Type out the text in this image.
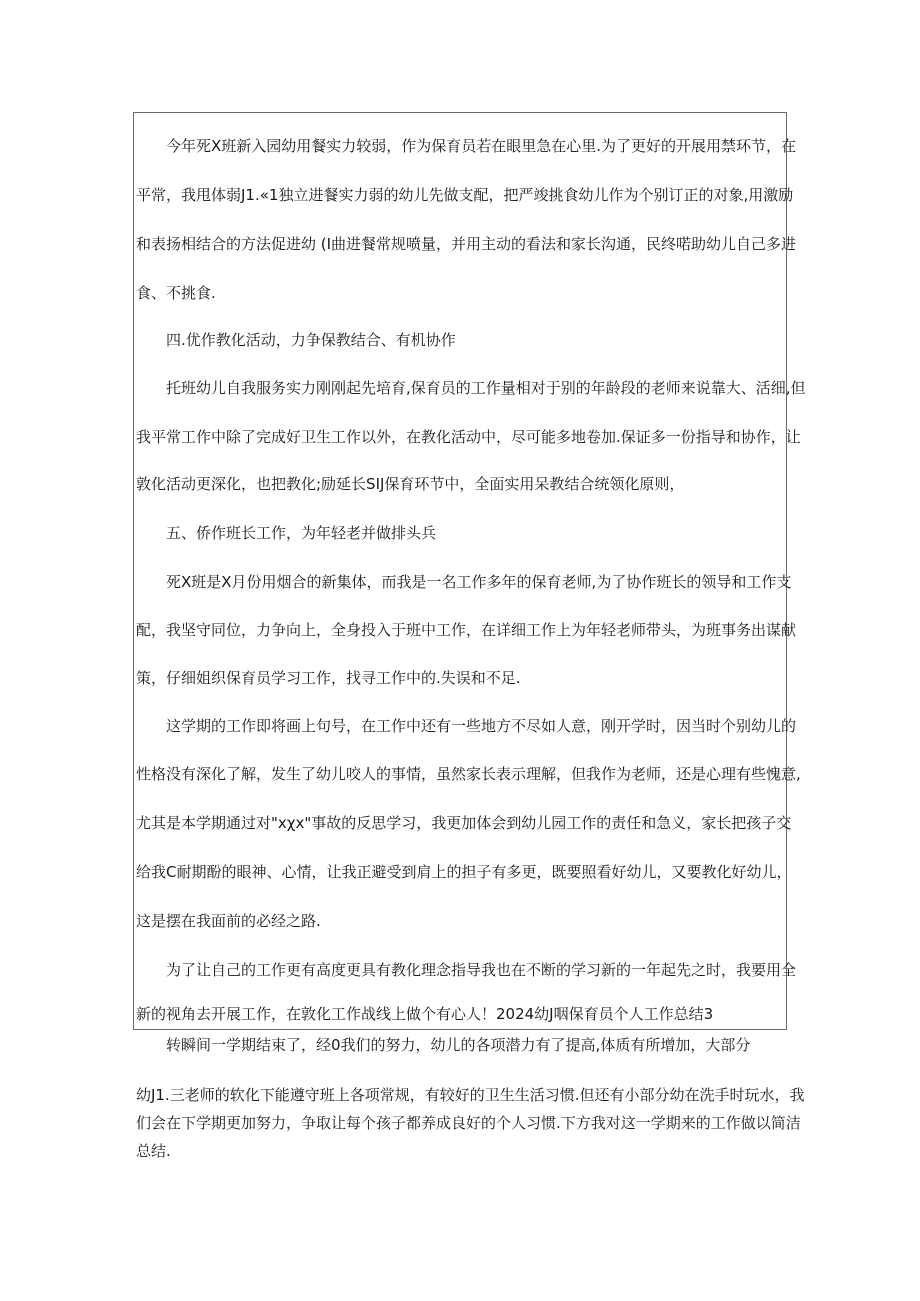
今年死X班新入园幼用餐实力较弱，作为保育员若在眼里急在心里.为了更好的开展用禁环节，在
平常，我甩体弱J1.«1独立进餐实力弱的幼儿先做支配，把严竣挑食幼儿作为个别订正的对象,用激励
和表扬相结合的方法促进幼 (I曲进餐常规喷量，并用主动的看法和家长沟通，民终喏助幼儿自己多进
食、不挑食.
四.优作教化活动，力争保教结合、有机协作
托班幼儿自我服务实力刚刚起先培育,保育员的工作量相对于别的年龄段的老师来说靠大、活细,但
我平常工作中除了完成好卫生工作以外，在教化活动中，尽可能多地卷加.保证多一份指导和协作，让
敦化活动更深化，也把教化;励延长SIJ保育环节中，全面实用呆教结合统领化原则，
五、侨作班长工作，为年轻老并做排头兵
死X班是X月份用烟合的新集体，而我是一名工作多年的保育老师,为了协作班长的领导和工作支
配，我坚守同位，力争向上，全身投入于班中工作，在详细工作上为年轻老师带头，为班事务出谋献
策，仔细姐织保育员学习工作，找寻工作中的.失误和不足.
这学期的工作即将画上句号，在工作中还有一些地方不尽如人意，刚开学时，因当时个别幼儿的
性格没有深化了解，发生了幼儿咬人的事情，虽然家长表示理解，但我作为老师，还是心理有些愧意,
尤其是本学期通过对"xχx"事故的反思学习，我更加体会到幼儿园工作的责任和急义，家长把孩子交
给我C耐期酚的眼神、心情，让我正避受到肩上的担子有多更，既要照看好幼儿，又要教化好幼儿，
这是摆在我面前的必经之路.
为了让自己的工作更有高度更具有教化理念指导我也在不断的学习新的一年起先之时，我要用全
新的视角去开展工作，在敦化工作战线上做个有心人！2024幼J咽保育员个人工作总结3
转瞬间一学期结束了，经0我们的努力，幼儿的各项潜力有了提高,体质有所增加，大部分
幼J1.三老师的软化下能遵守班上各项常规，有较好的卫生生活习惯.但还有小部分幼在洗手时玩水，我
们会在下学期更加努力，争取让每个孩子都养成良好的个人习惯.下方我对这一学期来的工作做以简洁
总结.
